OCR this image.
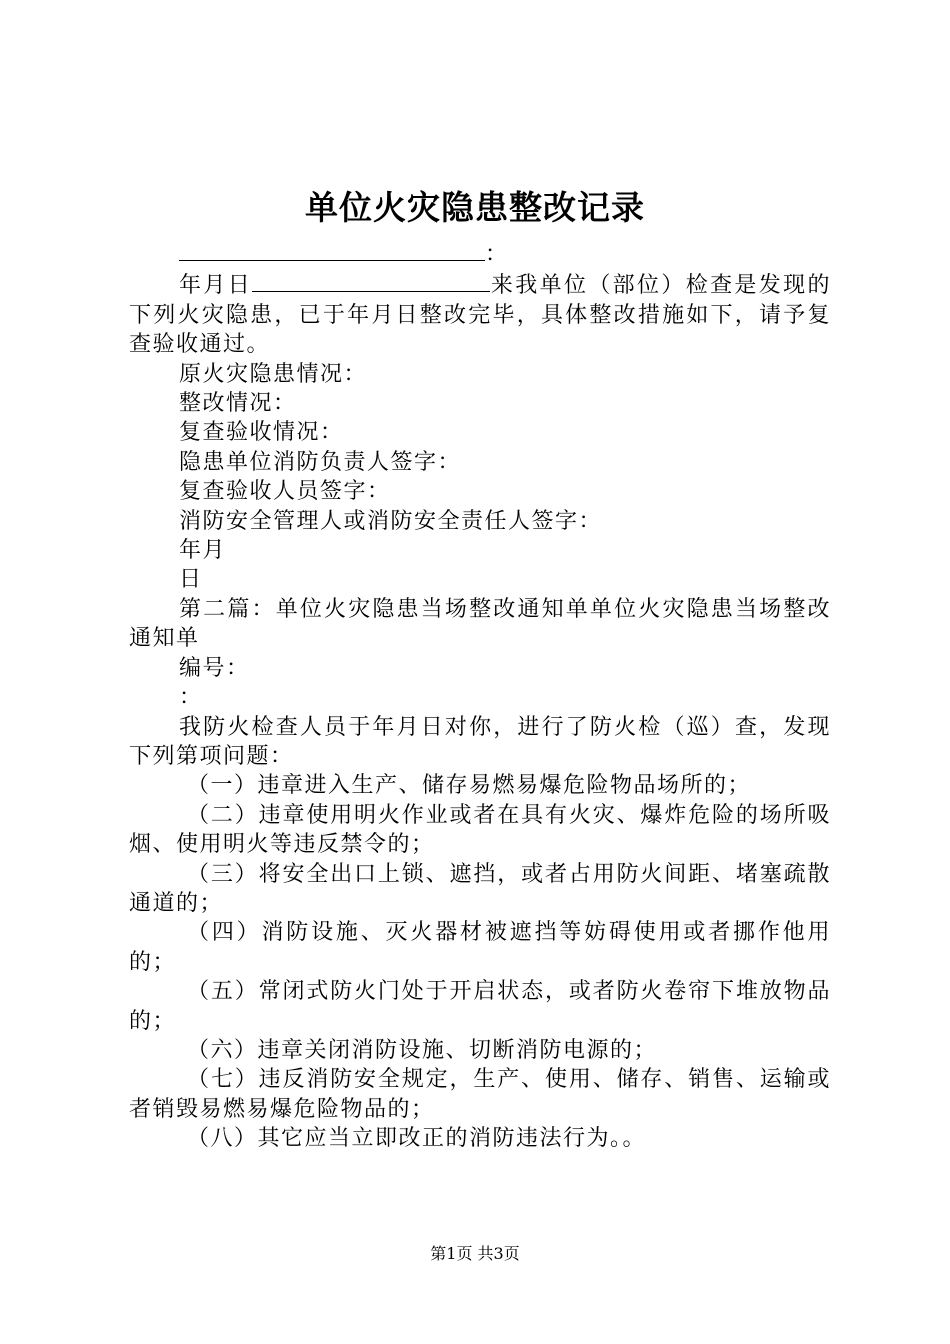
单位火灾隐患整改记录

：

年月日	来我单位（部位）检查是发现的下列火灾隐患，已于年月日整改完毕，具体整改措施如下，请予复查验收通过。

原火灾隐患情况：

整改情况：

复查验收情况：

隐患单位消防负责人签字：

复查验收人员签字：

消防安全管理人或消防安全责任人签字：

年月

日

第二篇：单位火灾隐患当场整改通知单单位火灾隐患当场整改通知单

编号：

：

我防火检查人员于年月日对你，进行了防火检（巡）查，发现下列第项问题：

（一）违章进入生产、储存易燃易爆危险物品场所的；

（二）违章使用明火作业或者在具有火灾、爆炸危险的场所吸烟、使用明火等违反禁令的；

（三）将安全出口上锁、遮挡，或者占用防火间距、堵塞疏散通道的；

（四）消防设施、灭火器材被遮挡等妨碍使用或者挪作他用的；

（五）常闭式防火门处于开启状态，或者防火卷帘下堆放物品的；

（六）违章关闭消防设施、切断消防电源的；

（七）违反消防安全规定，生产、使用、储存、销售、运输或者销毁易燃易爆危险物品的；

（八）其它应当立即改正的消防违法行为。。

第1页 共3页
